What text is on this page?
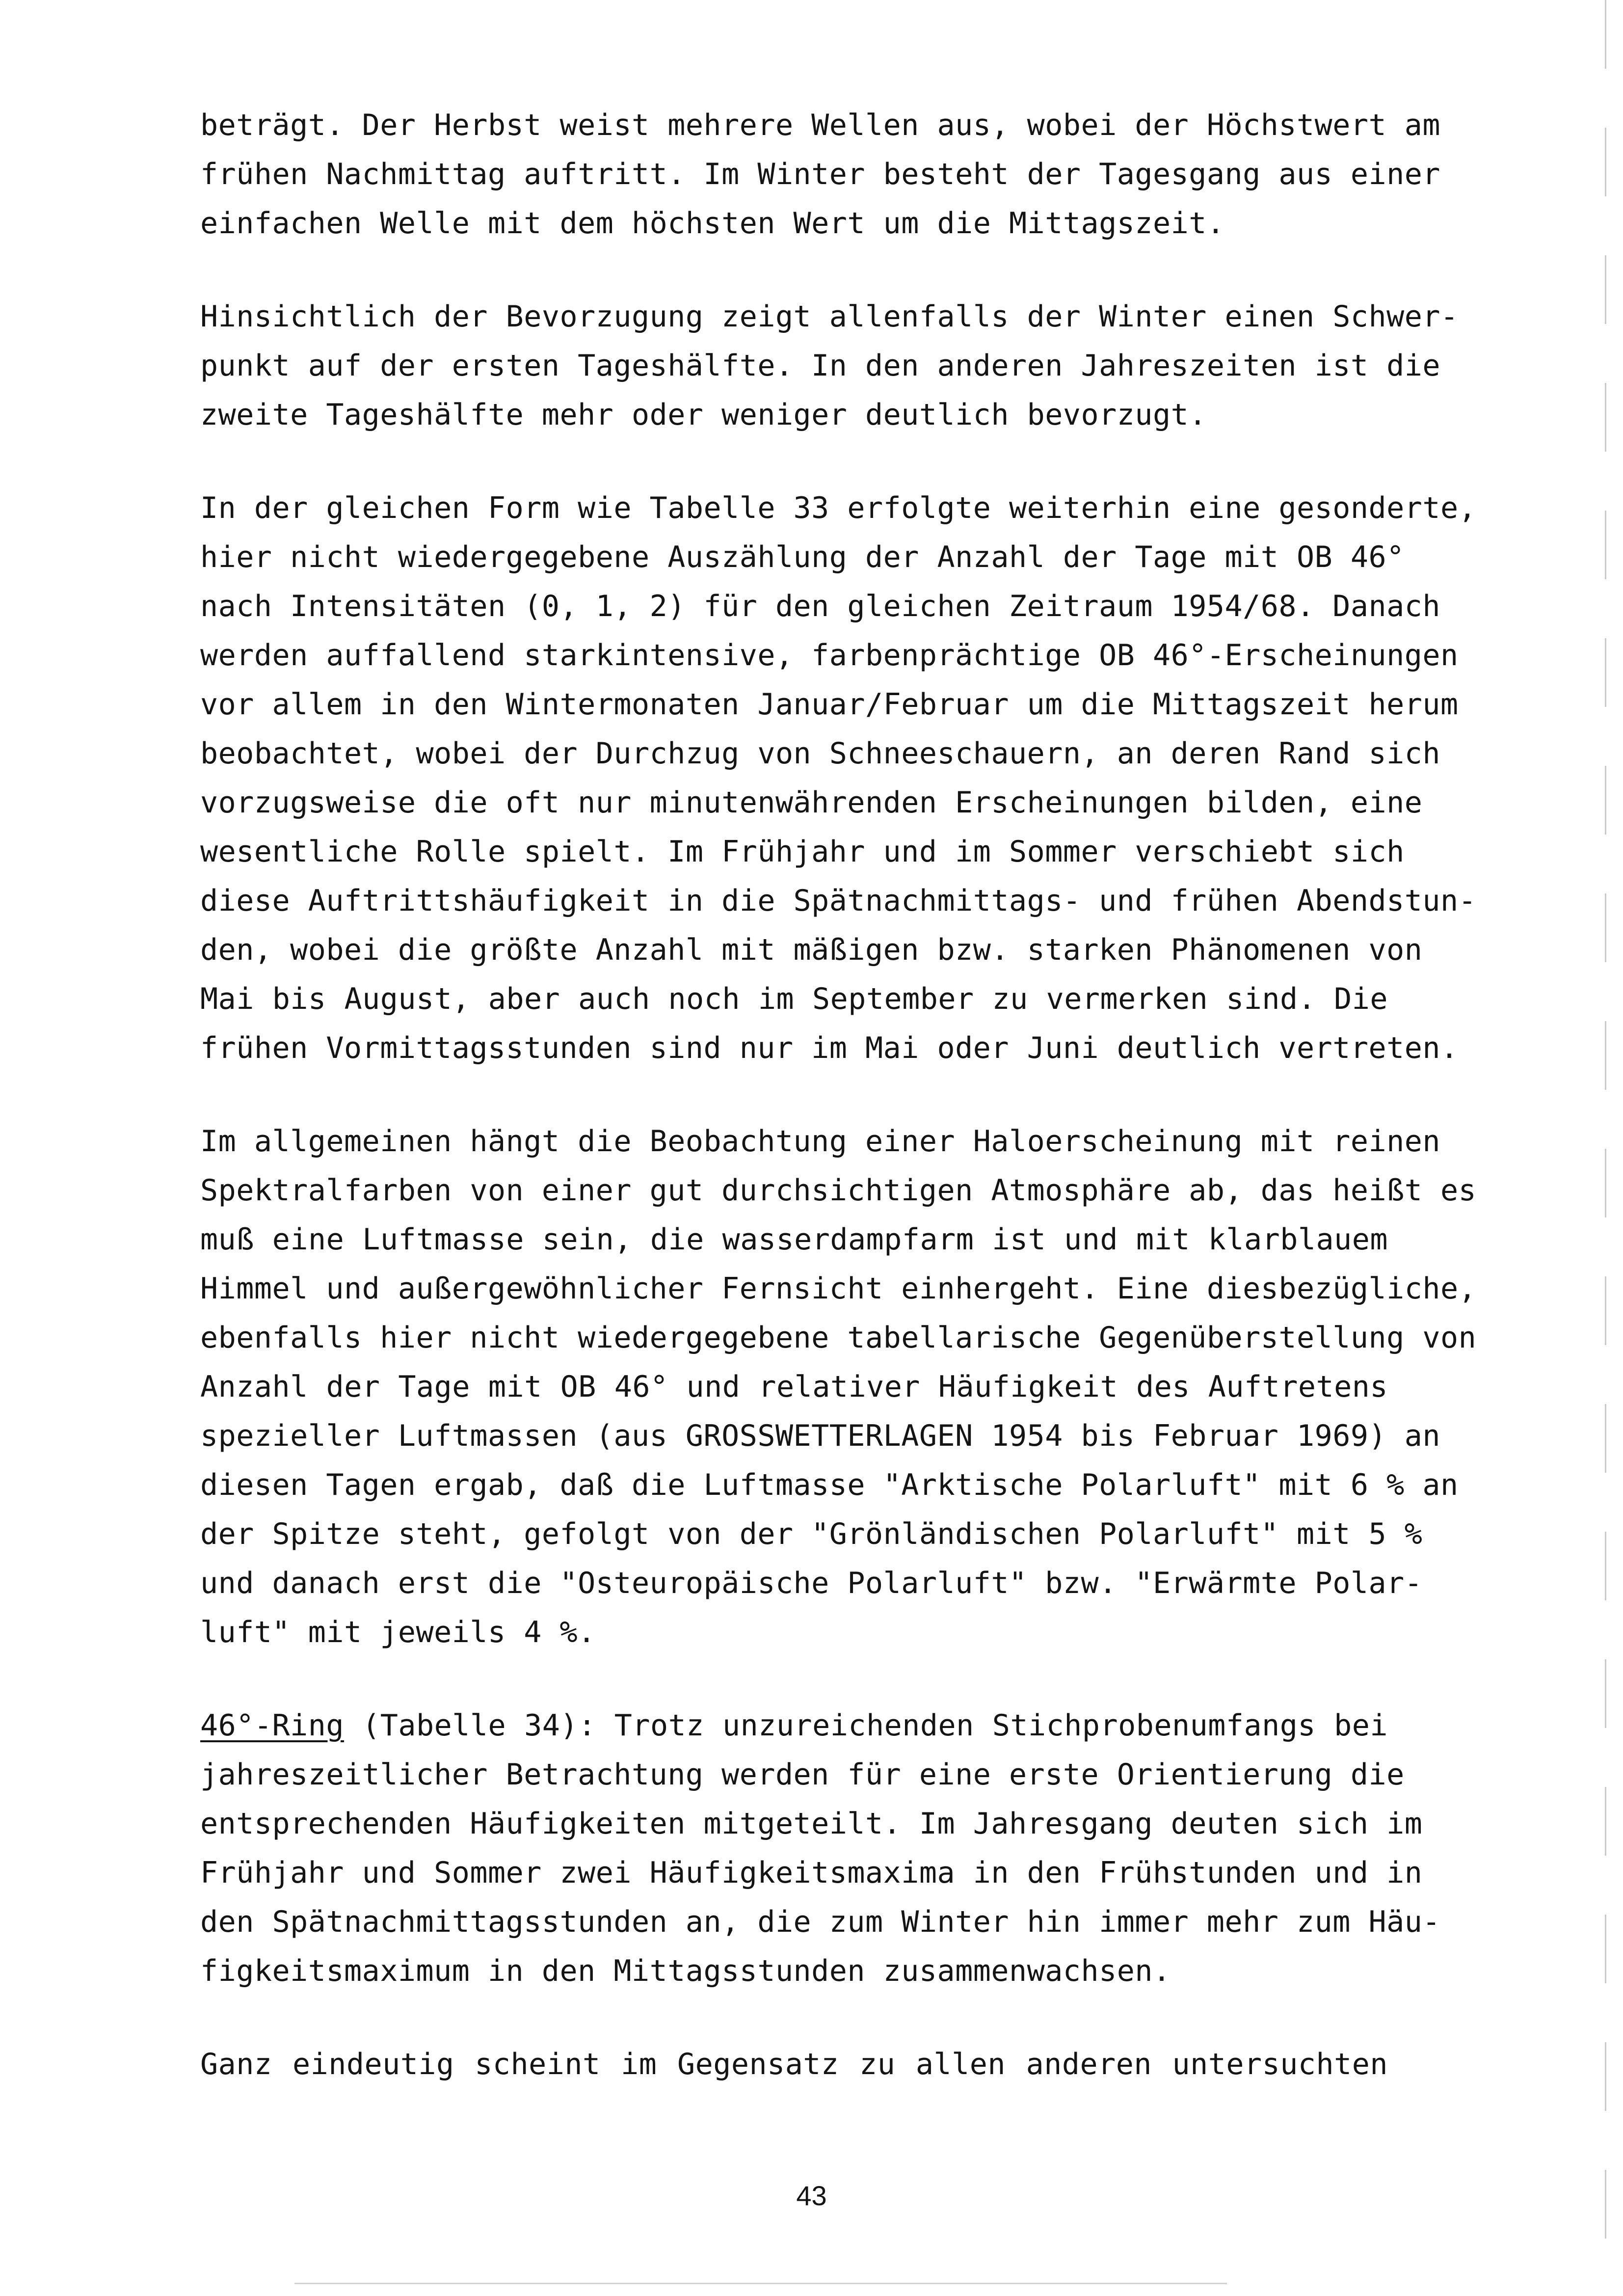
beträgt. Der Herbst weist mehrere Wellen aus, wobei der Höchstwert am
frühen Nachmittag auftritt. Im Winter besteht der Tagesgang aus einer
einfachen Welle mit dem höchsten Wert um die Mittagszeit.
Hinsichtlich der Bevorzugung zeigt allenfalls der Winter einen Schwer-
punkt auf der ersten Tageshälfte. In den anderen Jahreszeiten ist die
zweite Tageshälfte mehr oder weniger deutlich bevorzugt.
In der gleichen Form wie Tabelle 33 erfolgte weiterhin eine gesonderte,
hier nicht wiedergegebene Auszählung der Anzahl der Tage mit OB 46°
nach Intensitäten (0, 1, 2) für den gleichen Zeitraum 1954/68. Danach
werden auffallend starkintensive, farbenprächtige OB 46°-Erscheinungen
vor allem in den Wintermonaten Januar/Februar um die Mittagszeit herum
beobachtet, wobei der Durchzug von Schneeschauern, an deren Rand sich
vorzugsweise die oft nur minutenwährenden Erscheinungen bilden, eine
wesentliche Rolle spielt. Im Frühjahr und im Sommer verschiebt sich
diese Auftrittshäufigkeit in die Spätnachmittags- und frühen Abendstun-
den, wobei die größte Anzahl mit mäßigen bzw. starken Phänomenen von
Mai bis August, aber auch noch im September zu vermerken sind. Die
frühen Vormittagsstunden sind nur im Mai oder Juni deutlich vertreten.
Im allgemeinen hängt die Beobachtung einer Haloerscheinung mit reinen
Spektralfarben von einer gut durchsichtigen Atmosphäre ab, das heißt es
muß eine Luftmasse sein, die wasserdampfarm ist und mit klarblauem
Himmel und außergewöhnlicher Fernsicht einhergeht. Eine diesbezügliche,
ebenfalls hier nicht wiedergegebene tabellarische Gegenüberstellung von
Anzahl der Tage mit OB 46° und relativer Häufigkeit des Auftretens
spezieller Luftmassen (aus GROSSWETTERLAGEN 1954 bis Februar 1969) an
diesen Tagen ergab, daß die Luftmasse "Arktische Polarluft" mit 6 % an
der Spitze steht, gefolgt von der "Grönländischen Polarluft" mit 5 %
und danach erst die "Osteuropäische Polarluft" bzw. "Erwärmte Polar-
luft" mit jeweils 4 %.
46°-Ring (Tabelle 34): Trotz unzureichenden Stichprobenumfangs bei
jahreszeitlicher Betrachtung werden für eine erste Orientierung die
entsprechenden Häufigkeiten mitgeteilt. Im Jahresgang deuten sich im
Frühjahr und Sommer zwei Häufigkeitsmaxima in den Frühstunden und in
den Spätnachmittagsstunden an, die zum Winter hin immer mehr zum Häu-
figkeitsmaximum in den Mittagsstunden zusammenwachsen.
Ganz eindeutig scheint im Gegensatz zu allen anderen untersuchten
43
